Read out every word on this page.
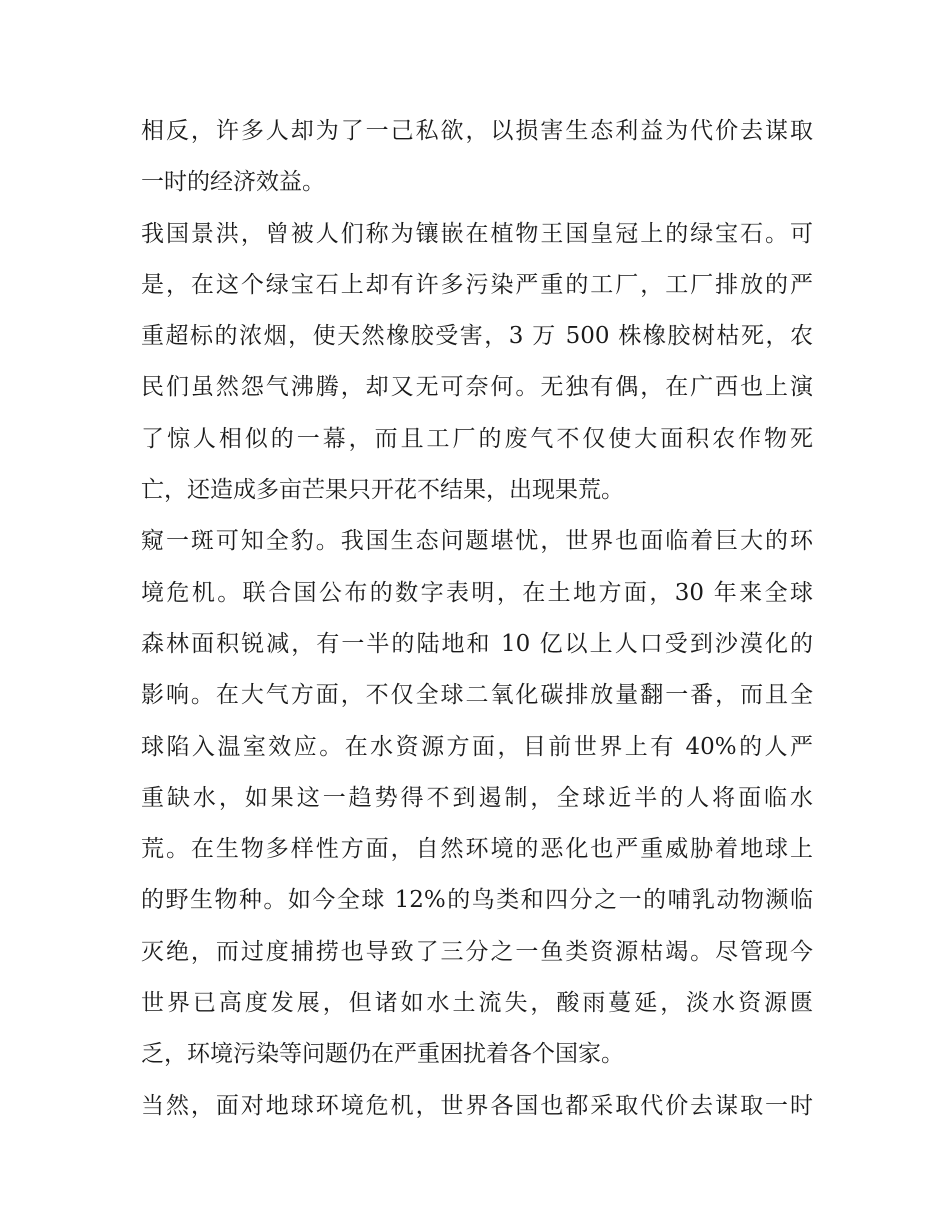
相反，许多人却为了一己私欲，以损害生态利益为代价去谋取
一时的经济效益。

我国景洪，曾被人们称为镶嵌在植物王国皇冠上的绿宝石。可
是，在这个绿宝石上却有许多污染严重的工厂，工厂排放的严
重超标的浓烟，使天然橡胶受害，3 万 500 株橡胶树枯死，农
民们虽然怨气沸腾，却又无可奈何。无独有偶，在广西也上演
了惊人相似的一幕，而且工厂的废气不仅使大面积农作物死
亡，还造成多亩芒果只开花不结果，出现果荒。

窥一斑可知全豹。我国生态问题堪忧，世界也面临着巨大的环
境危机。联合国公布的数字表明，在土地方面，30 年来全球
森林面积锐减，有一半的陆地和 10 亿以上人口受到沙漠化的
影响。在大气方面，不仅全球二氧化碳排放量翻一番，而且全
球陷入温室效应。在水资源方面，目前世界上有 40%的人严
重缺水，如果这一趋势得不到遏制，全球近半的人将面临水
荒。在生物多样性方面，自然环境的恶化也严重威胁着地球上
的野生物种。如今全球 12%的鸟类和四分之一的哺乳动物濒临
灭绝，而过度捕捞也导致了三分之一鱼类资源枯竭。尽管现今
世界已高度发展，但诸如水土流失，酸雨蔓延，淡水资源匮
乏，环境污染等问题仍在严重困扰着各个国家。

当然，面对地球环境危机，世界各国也都采取代价去谋取一时
